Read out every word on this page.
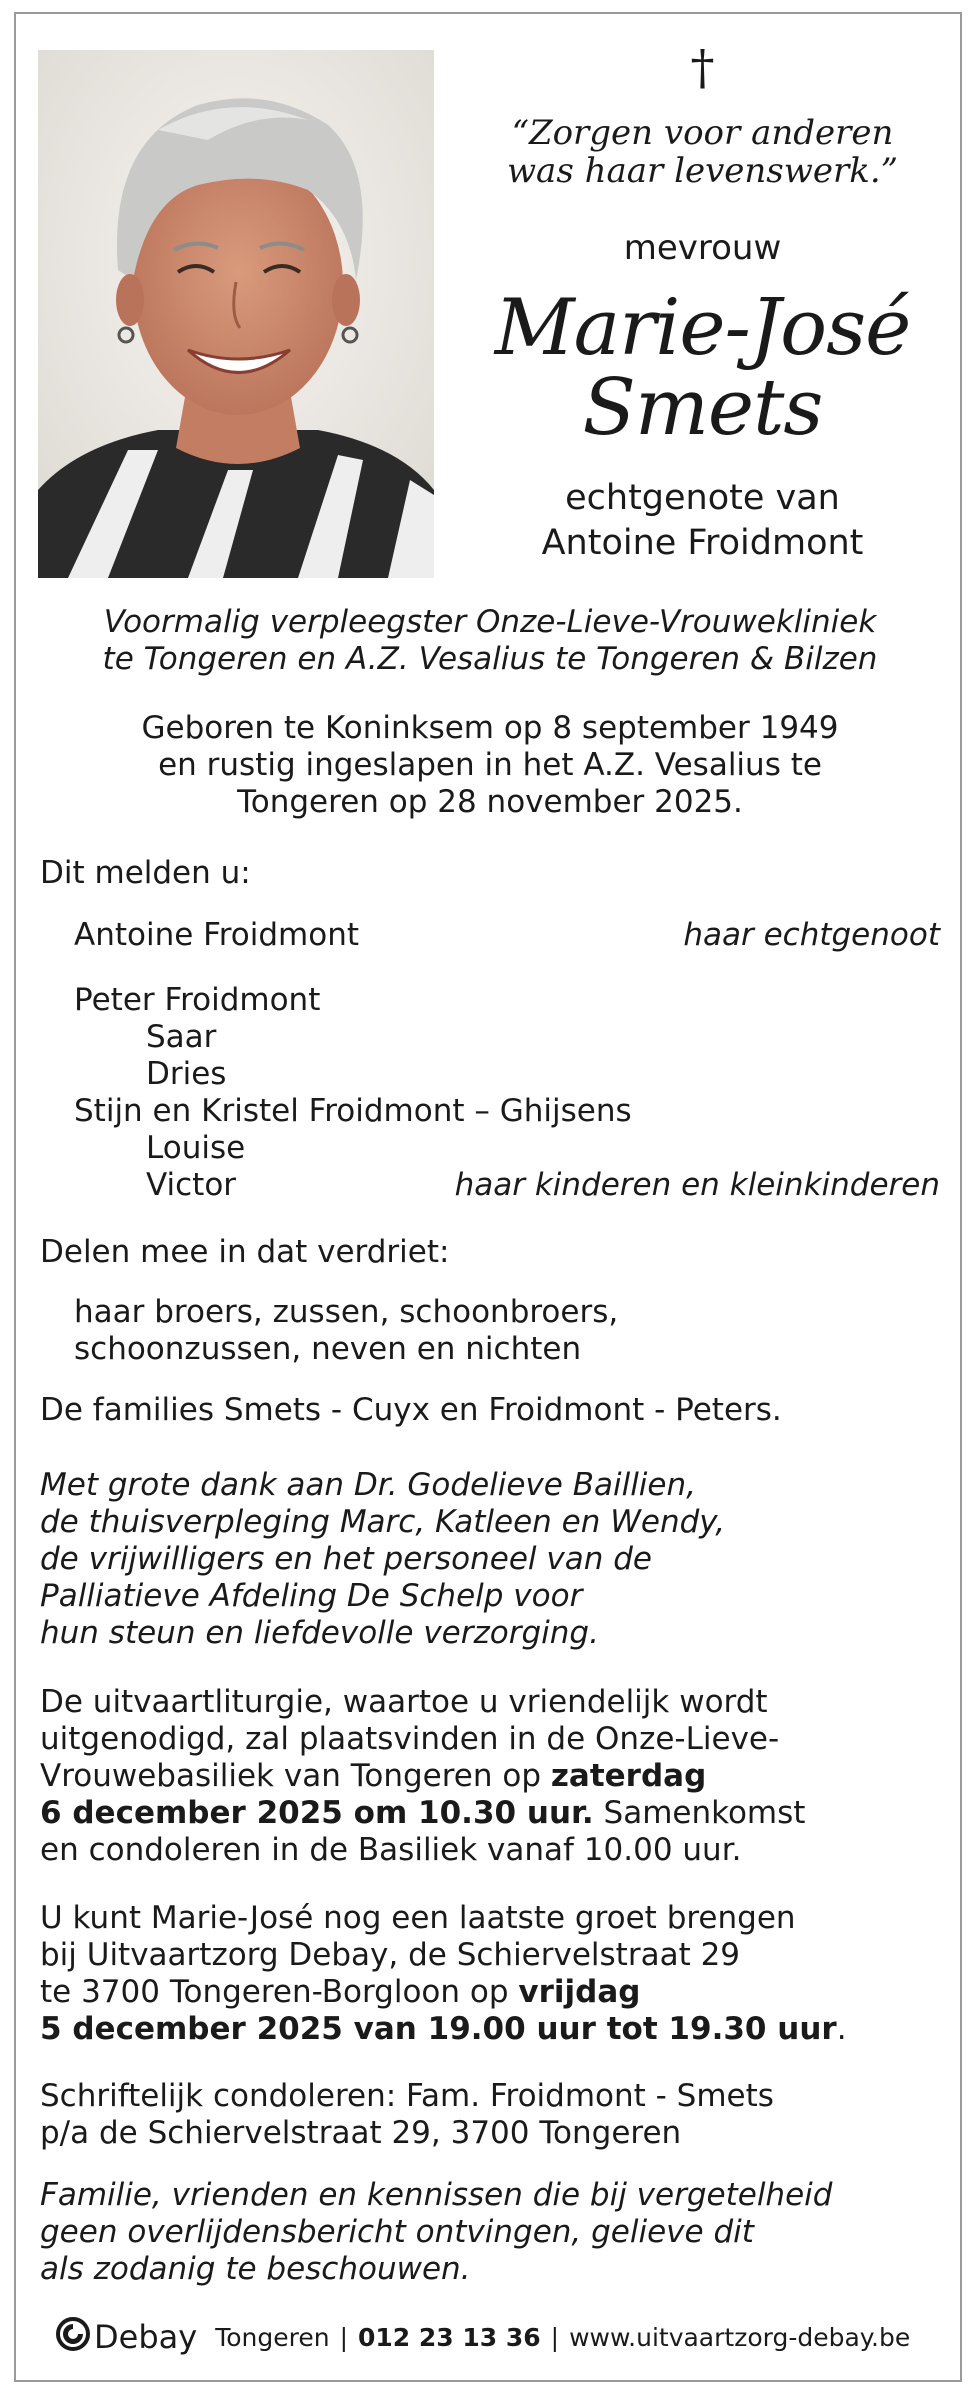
†
“Zorgen voor anderen
was haar levenswerk.”
mevrouw
Marie-José
Smets
echtgenote van
Antoine Froidmont
Voormalig verpleegster Onze-Lieve-Vrouwekliniek
te Tongeren en A.Z. Vesalius te Tongeren & Bilzen
Geboren te Koninksem op 8 september 1949
en rustig ingeslapen in het A.Z. Vesalius te
Tongeren op 28 november 2025.
Dit melden u:
Antoine Froidmont	haar echtgenoot
Peter Froidmont
Saar
Dries
Stijn en Kristel Froidmont – Ghijsens
Louise
Victor	haar kinderen en kleinkinderen
Delen mee in dat verdriet:
haar broers, zussen, schoonbroers,
schoonzussen, neven en nichten
De families Smets - Cuyx en Froidmont - Peters.
Met grote dank aan Dr. Godelieve Baillien,
de thuisverpleging Marc, Katleen en Wendy,
de vrijwilligers en het personeel van de
Palliatieve Afdeling De Schelp voor
hun steun en liefdevolle verzorging.
De uitvaartliturgie, waartoe u vriendelijk wordt
uitgenodigd, zal plaatsvinden in de Onze-Lieve-
Vrouwebasiliek van Tongeren op zaterdag
6 december 2025 om 10.30 uur. Samenkomst
en condoleren in de Basiliek vanaf 10.00 uur.
U kunt Marie-José nog een laatste groet brengen
bij Uitvaartzorg Debay, de Schiervelstraat 29
te 3700 Tongeren-Borgloon op vrijdag
5 december 2025 van 19.00 uur tot 19.30 uur.
Schriftelijk condoleren: Fam. Froidmont - Smets
p/a de Schiervelstraat 29, 3700 Tongeren
Familie, vrienden en kennissen die bij vergetelheid
geen overlijdensbericht ontvingen, gelieve dit
als zodanig te beschouwen.
Debay Tongeren | 012 23 13 36 | www.uitvaartzorg-debay.be
